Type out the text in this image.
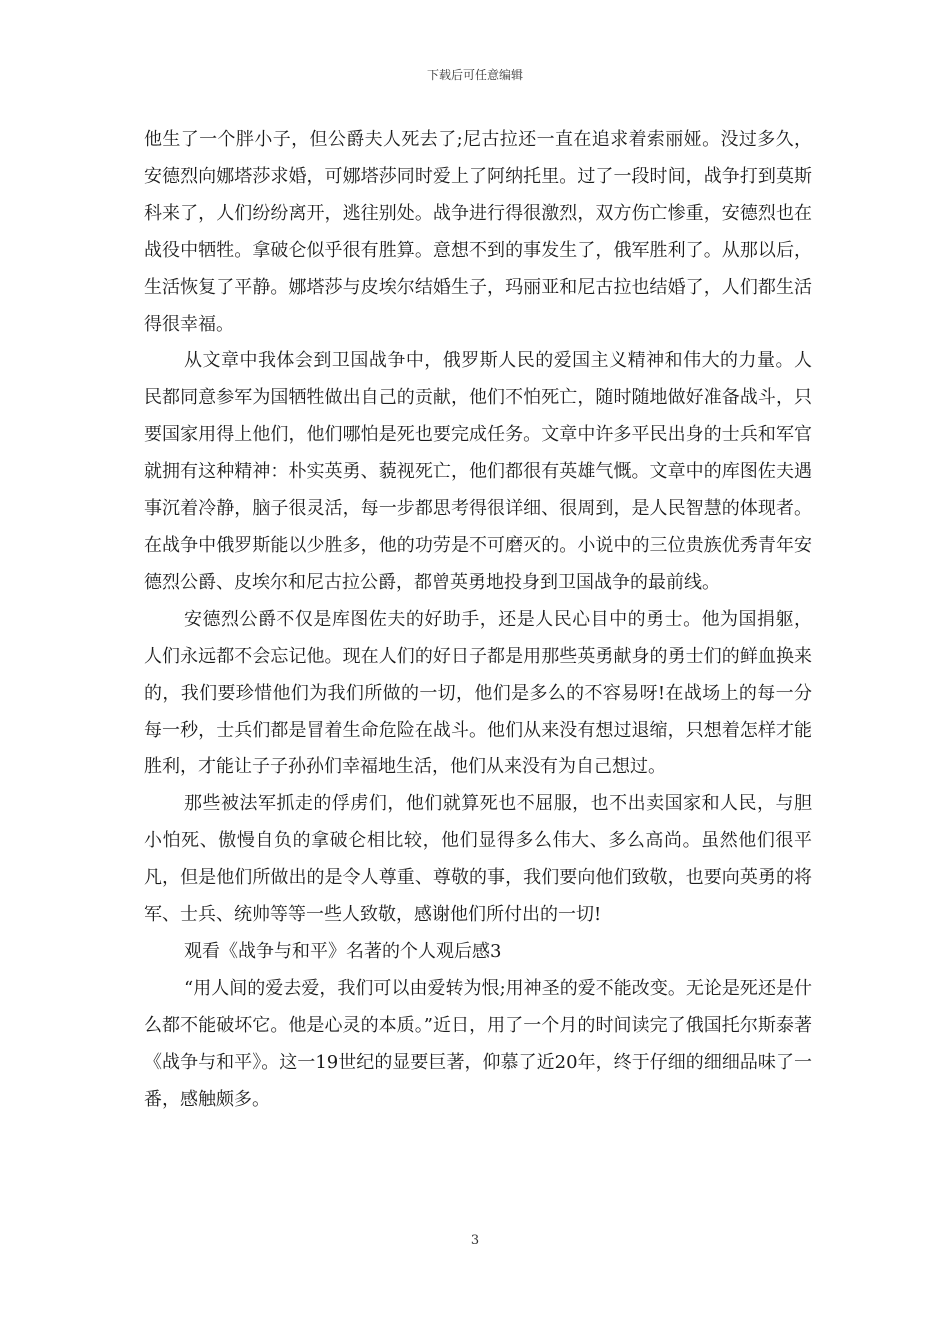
下载后可任意编辑

他生了一个胖小子，但公爵夫人死去了;尼古拉还一直在追求着索丽娅。没过多久，安德烈向娜塔莎求婚，可娜塔莎同时爱上了阿纳托里。过了一段时间，战争打到莫斯科来了，人们纷纷离开，逃往别处。战争进行得很激烈，双方伤亡惨重，安德烈也在战役中牺牲。拿破仑似乎很有胜算。意想不到的事发生了，俄军胜利了。从那以后，生活恢复了平静。娜塔莎与皮埃尔结婚生子，玛丽亚和尼古拉也结婚了，人们都生活得很幸福。

从文章中我体会到卫国战争中，俄罗斯人民的爱国主义精神和伟大的力量。人民都同意参军为国牺牲做出自己的贡献，他们不怕死亡，随时随地做好准备战斗，只要国家用得上他们，他们哪怕是死也要完成任务。文章中许多平民出身的士兵和军官就拥有这种精神：朴实英勇、藐视死亡，他们都很有英雄气慨。文章中的库图佐夫遇事沉着冷静，脑子很灵活，每一步都思考得很详细、很周到，是人民智慧的体现者。在战争中俄罗斯能以少胜多，他的功劳是不可磨灭的。小说中的三位贵族优秀青年安德烈公爵、皮埃尔和尼古拉公爵，都曾英勇地投身到卫国战争的最前线。

安德烈公爵不仅是库图佐夫的好助手，还是人民心目中的勇士。他为国捐躯，人们永远都不会忘记他。现在人们的好日子都是用那些英勇献身的勇士们的鲜血换来的，我们要珍惜他们为我们所做的一切，他们是多么的不容易呀!在战场上的每一分每一秒，士兵们都是冒着生命危险在战斗。他们从来没有想过退缩，只想着怎样才能胜利，才能让子子孙孙们幸福地生活，他们从来没有为自己想过。

那些被法军抓走的俘虏们，他们就算死也不屈服，也不出卖国家和人民，与胆小怕死、傲慢自负的拿破仑相比较，他们显得多么伟大、多么高尚。虽然他们很平凡，但是他们所做出的是令人尊重、尊敬的事，我们要向他们致敬，也要向英勇的将军、士兵、统帅等等一些人致敬，感谢他们所付出的一切!

观看《战争与和平》名著的个人观后感3

“用人间的爱去爱，我们可以由爱转为恨;用神圣的爱不能改变。无论是死还是什么都不能破坏它。他是心灵的本质。”近日，用了一个月的时间读完了俄国托尔斯泰著《战争与和平》。这一19世纪的显要巨著，仰慕了近20年，终于仔细的细细品味了一番，感触颇多。

3
